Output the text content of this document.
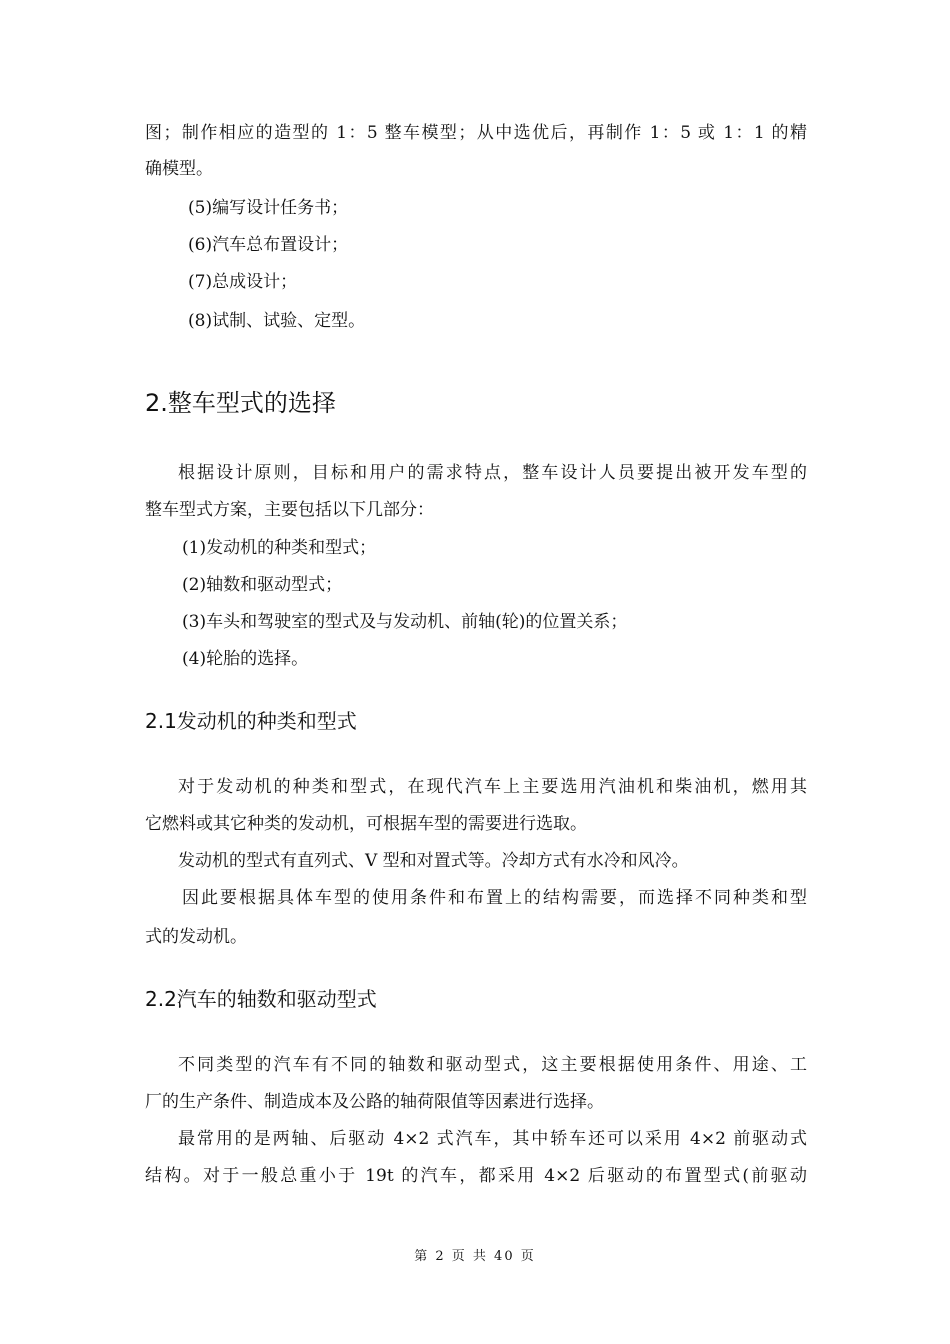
图；制作相应的造型的 1：5 整车模型；从中选优后，再制作 1：5 或 1：1 的精
确模型。
(5)编写设计任务书；
(6)汽车总布置设计；
(7)总成设计；
(8)试制、试验、定型。
2.整车型式的选择
根据设计原则，目标和用户的需求特点，整车设计人员要提出被开发车型的
整车型式方案，主要包括以下几部分：
(1)发动机的种类和型式；
(2)轴数和驱动型式；
(3)车头和驾驶室的型式及与发动机、前轴(轮)的位置关系；
(4)轮胎的选择。
2.1发动机的种类和型式
对于发动机的种类和型式，在现代汽车上主要选用汽油机和柴油机，燃用其
它燃料或其它种类的发动机，可根据车型的需要进行选取。
发动机的型式有直列式、V 型和对置式等。冷却方式有水冷和风冷。
因此要根据具体车型的使用条件和布置上的结构需要，而选择不同种类和型
式的发动机。
2.2汽车的轴数和驱动型式
不同类型的汽车有不同的轴数和驱动型式，这主要根据使用条件、用途、工
厂的生产条件、制造成本及公路的轴荷限值等因素进行选择。
最常用的是两轴、后驱动 4×2 式汽车，其中轿车还可以采用 4×2 前驱动式
结构。对于一般总重小于 19t 的汽车，都采用 4×2 后驱动的布置型式(前驱动
第 2 页 共 40 页
